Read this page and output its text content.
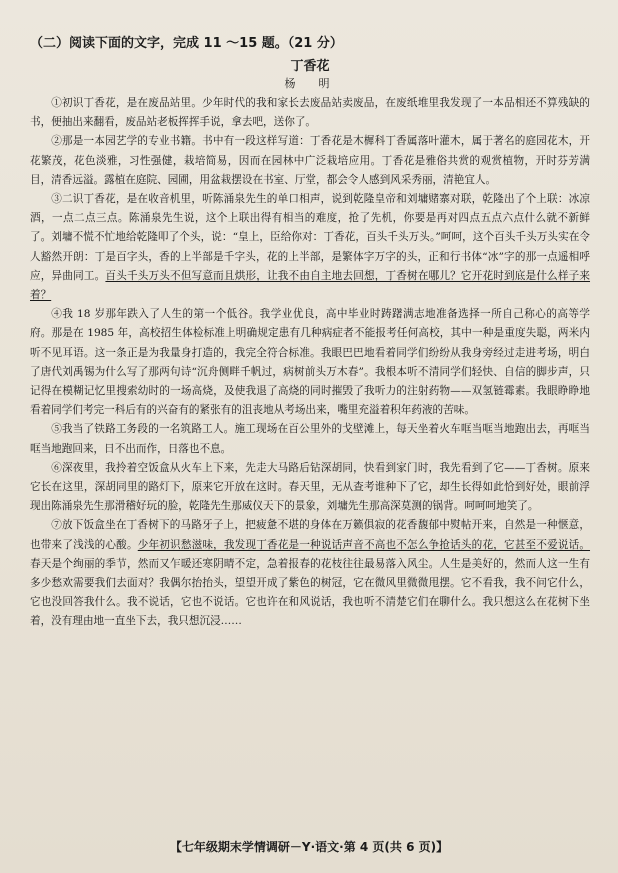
（二）阅读下面的文字，完成 11 ～15 题。（21 分）
丁香花
杨　明

①初识丁香花，是在废品站里。少年时代的我和家长去废品站卖废品，在废纸堆里我发现了一本品相还不算残缺的书，便抽出来翻看，废品站老板挥挥手说，拿去吧，送你了。

②那是一本园艺学的专业书籍。书中有一段这样写道：丁香花是木樨科丁香属落叶灌木，属于著名的庭园花木，开花繁茂，花色淡雅，习性强健，栽培简易，因而在园林中广泛栽培应用。丁香花是雅俗共赏的观赏植物，开时芬芳满目，清香远溢。露植在庭院、园圃，用盆栽摆设在书室、厅堂，都会令人感到风采秀丽，清艳宜人。

③二识丁香花，是在收音机里，听陈涌泉先生的单口相声，说到乾隆皇帝和刘墉赌寨对联，乾隆出了个上联：冰凉酒，一点二点三点。陈涌泉先生说，这个上联出得有相当的难度，抢了先机，你要是再对四点五点六点什么就不新鲜了。刘墉不慌不忙地给乾隆叩了个头，说：“皇上，臣给你对：丁香花，百头千头万头。”呵呵，这个百头千头万头实在令人豁然开朗：丁是百字头，香的上半部是千字头，花的上半部，是繁体字万字的头，正和行书体“冰”字的那一点遥相呼应，异曲同工。百头千头万头不但写意而且烘形，让我不由自主地去回想，丁香树在哪儿？它开花时到底是什么样子来着？

④我 18 岁那年跌入了人生的第一个低谷。我学业优良，高中毕业时踌躇满志地准备选择一所自己称心的高等学府。那是在 1985 年，高校招生体检标准上明确规定患有几种病症者不能报考任何高校，其中一种是重度失聪，两米内听不见耳语。这一条正是为我量身打造的，我完全符合标准。我眼巴巴地看着同学们纷纷从我身旁经过走进考场，明白了唐代刘禹锡为什么写了那两句诗“沉舟侧畔千帆过，病树前头万木春”。我根本听不清同学们轻快、自信的脚步声，只记得在模糊记忆里搜索幼时的一场高烧，及使我退了高烧的同时摧毁了我听力的注射药物——双氢链霉素。我眼睁睁地看着同学们考完一科后有的兴奋有的紧张有的沮丧地从考场出来，嘴里充溢着积年药液的苦味。

⑤我当了铁路工务段的一名筑路工人。施工现场在百公里外的戈壁滩上，每天坐着火车哐当哐当地跑出去，再哐当哐当地跑回来，日不出而作，日落也不息。

⑥深夜里，我拎着空饭盒从火车上下来，先走大马路后钻深胡同，快看到家门时，我先看到了它——丁香树。原来它长在这里，深胡同里的路灯下，原来它开放在这时。春天里，无从查考谁种下了它，却生长得如此恰到好处，眼前浮现出陈涌泉先生那滑稽好玩的脸，乾隆先生那威仪天下的景象，刘墉先生那高深莫测的锅背。呵呵呵地笑了。

⑦放下饭盒坐在丁香树下的马路牙子上，把疲惫不堪的身体在万籁俱寂的花香馥郁中熨帖开来，自然是一种惬意，也带来了浅浅的心酸。少年初识愁滋味，我发现丁香花是一种说话声音不高也不怎么争抢话头的花，它甚至不爱说话。春天是个绚丽的季节，然而又乍暖还寒阴晴不定，急着报春的花枝往往最易落入风尘。人生是美好的，然而人这一生有多少愁欢需要我们去面对？我偶尔抬抬头，望望开成了紫色的树冠，它在微风里微微甩摆。它不看我，我不问它什么，它也没回答我什么。我不说话，它也不说话。它也许在和风说话，我也听不清楚它们在聊什么。我只想这么在花树下坐着，没有理由地一直坐下去，我只想沉浸……

【七年级期末学情调研－Y·语文·第 4 页(共 6 页)】
